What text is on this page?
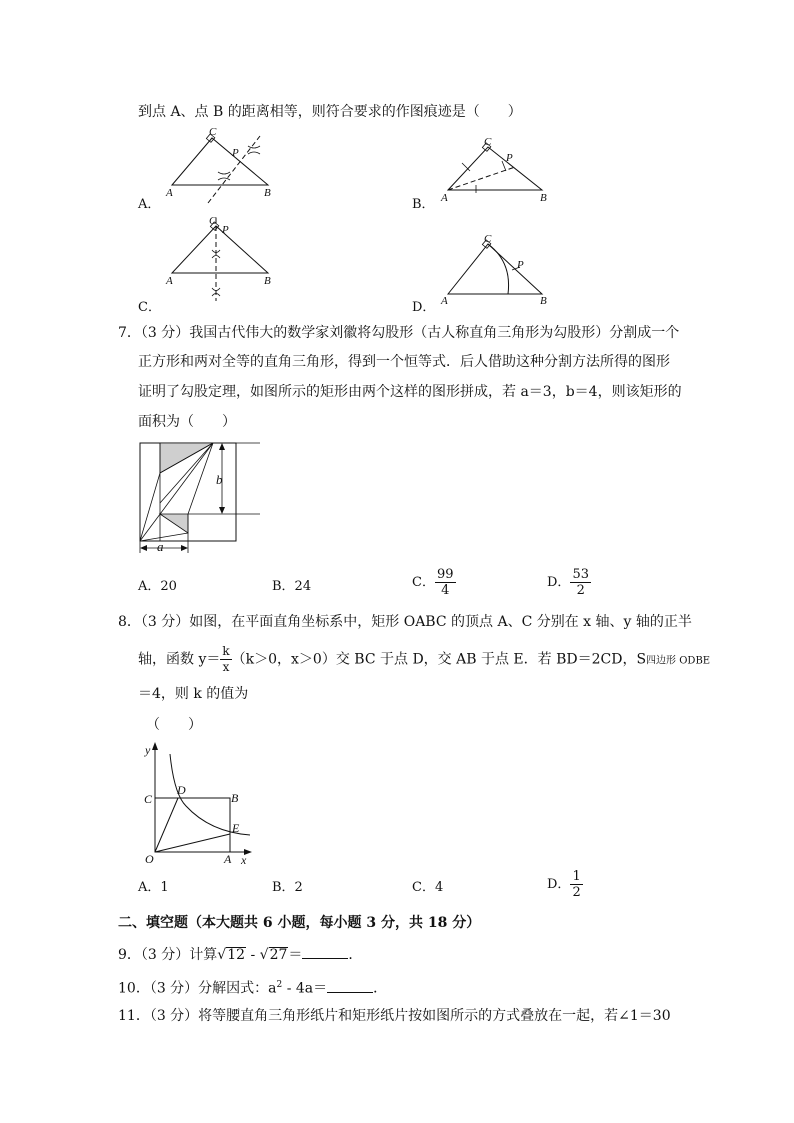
到点 A、点 B 的距离相等，则符合要求的作图痕迹是（　　）
C
P
A	B
A．
C
P
A	B
B．
C
P
A	B
C．
C
P
A	B
D．
7．（3 分）我国古代伟大的数学家刘徽将勾股形（古人称直角三角形为勾股形）分割成一个
正方形和两对全等的直角三角形，得到一个恒等式．后人借助这种分割方法所得的图形
证明了勾股定理，如图所示的矩形由两个这样的图形拼成，若 a＝3，b＝4，则该矩形的
面积为（　　）
b
a
A．20	B．24	C． $\frac{99}{4}$	D． $\frac{53}{2}$
8．（3 分）如图，在平面直角坐标系中，矩形 OABC 的顶点 A、C 分别在 x 轴、y 轴的正半
轴，函数 $y= \frac{k}{x} (k>0$，x＞0）交 BC 于点 D，交 AB 于点 E．若 BD＝2CD，S四边形 ODBE
＝4，则 k 的值为
（　　）
y
C
D
B
E
O	A x
A．1	B．2	C．4	D． $\frac{1}{2}$
二、填空题（本大题共 6 小题，每小题 3 分，共 18 分）
9．（3 分）计算√12 - √27＝	．
10．（3 分）分解因式：$a^2 - 4a=$	．
11．（3 分）将等腰直角三角形纸片和矩形纸片按如图所示的方式叠放在一起，若∠1＝30
